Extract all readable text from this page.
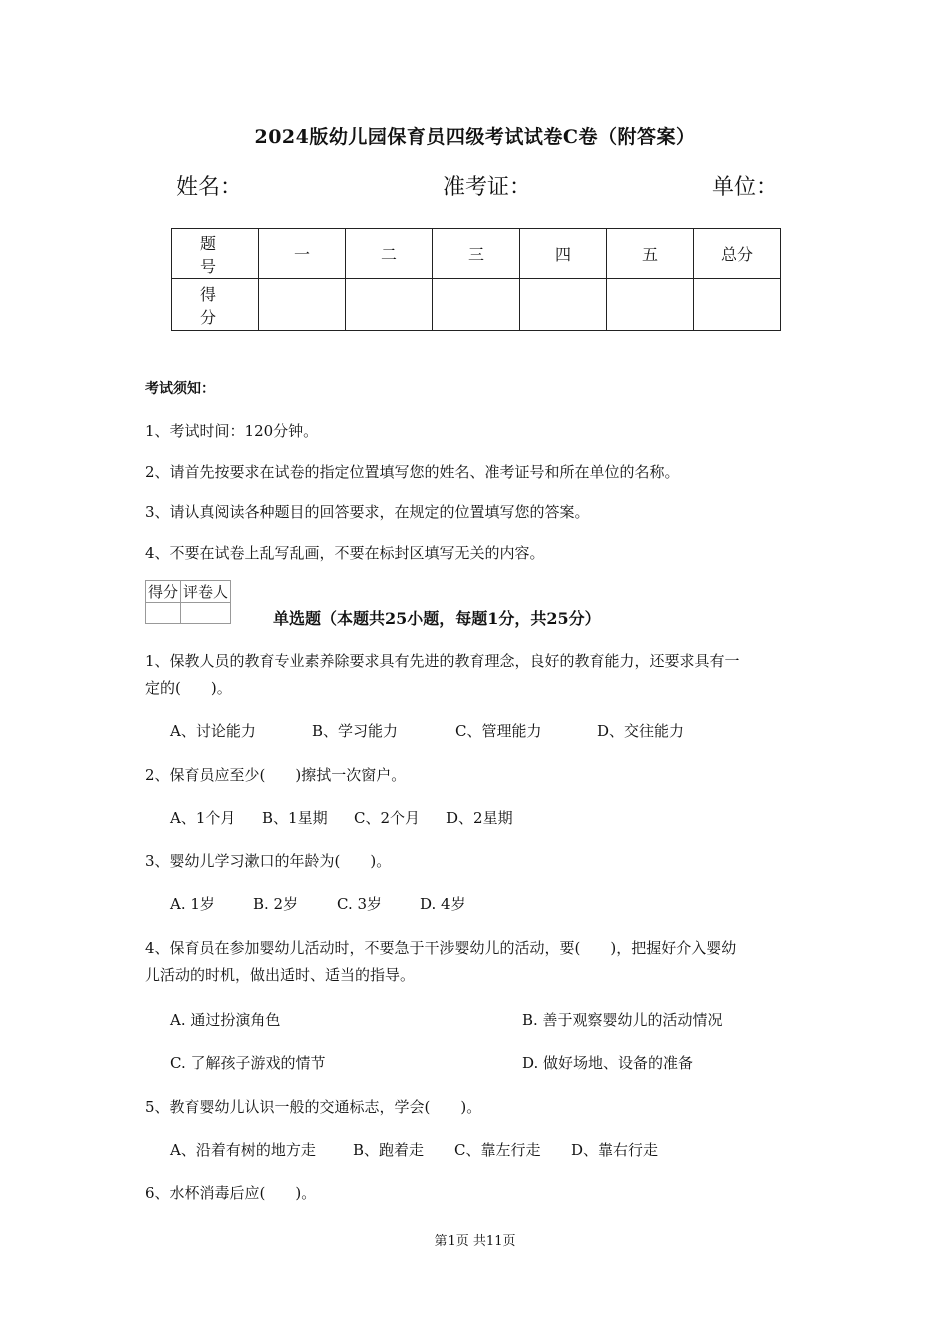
2024版幼儿园保育员四级考试试卷C卷（附答案）
姓名：	准考证：	单位：
题　号	一	二	三	四	五	总分
得　分						
考试须知：
1、考试时间：120分钟。
2、请首先按要求在试卷的指定位置填写您的姓名、准考证号和所在单位的名称。
3、请认真阅读各种题目的回答要求，在规定的位置填写您的答案。
4、不要在试卷上乱写乱画，不要在标封区填写无关的内容。
得分	评卷人

单选题（本题共25小题，每题1分，共25分）
1、保教人员的教育专业素养除要求具有先进的教育理念，良好的教育能力，还要求具有一
定的(　　)。
A、讨论能力	B、学习能力	C、管理能力	D、交往能力
2、保育员应至少(　　)擦拭一次窗户。
A、1个月 B、1星期 C、2个月 D、2星期
3、婴幼儿学习漱口的年龄为(　　)。
A. 1岁	B. 2岁	C. 3岁	D. 4岁
4、保育员在参加婴幼儿活动时，不要急于干涉婴幼儿的活动，要(　　)，把握好介入婴幼
儿活动的时机，做出适时、适当的指导。
A. 通过扮演角色	B. 善于观察婴幼儿的活动情况
C. 了解孩子游戏的情节	D. 做好场地、设备的准备
5、教育婴幼儿认识一般的交通标志，学会(　　)。
A、沿着有树的地方走 B、跑着走 C、靠左行走 D、靠右行走
6、水杯消毒后应(　　)。
第1页 共11页
